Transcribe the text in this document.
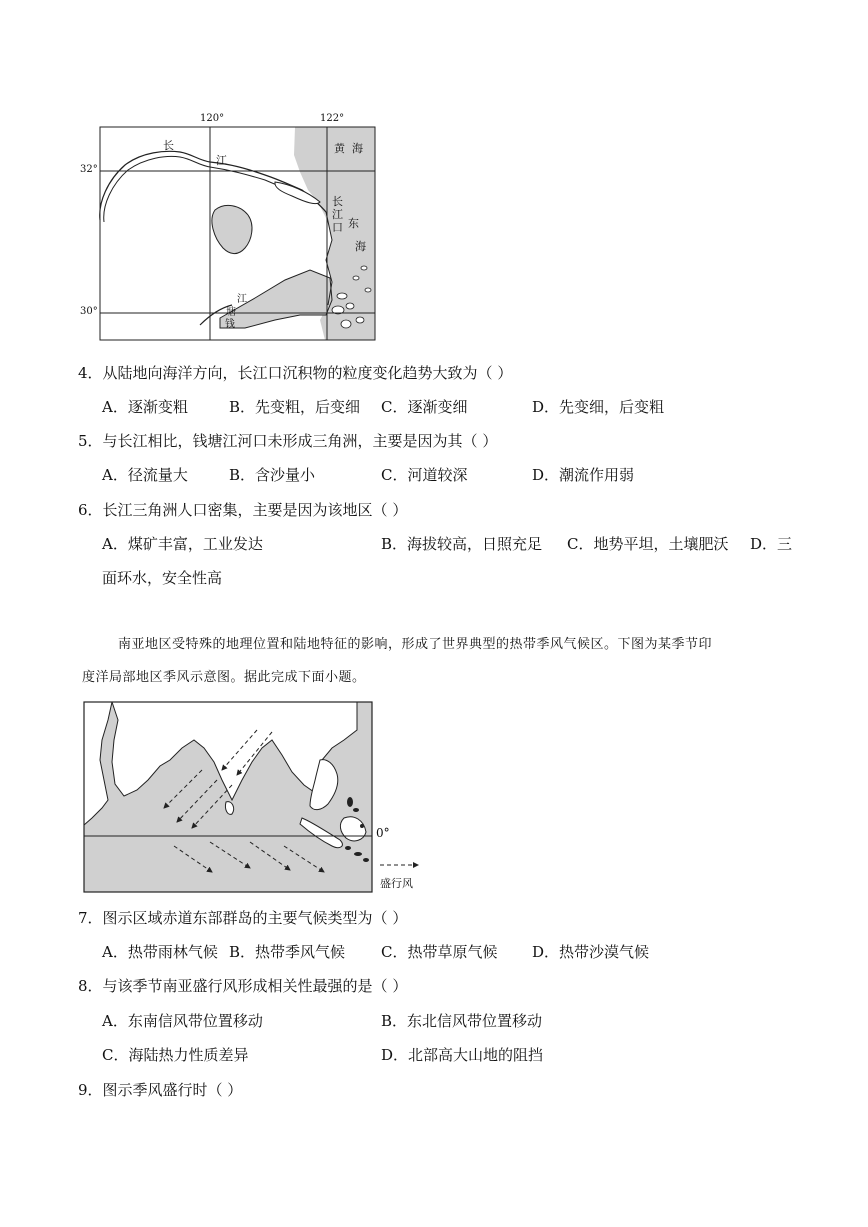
120°	122°
32°
30°
黄 海
长
江
长
江
口 东
海
江
塘
钱
4．从陆地向海洋方向，长江口沉积物的粒度变化趋势大致为（ ）
A．逐渐变粗	B．先变粗，后变细 C．逐渐变细	D．先变细，后变粗
5．与长江相比，钱塘江河口未形成三角洲，主要是因为其（ ）
A．径流量大	B．含沙量小	C．河道较深	D．潮流作用弱
6．长江三角洲人口密集，主要是因为该地区（ ）
A．煤矿丰富，工业发达	B．海拔较高，日照充足 C．地势平坦，土壤肥沃 D．三
面环水，安全性高
南亚地区受特殊的地理位置和陆地特征的影响，形成了世界典型的热带季风气候区。下图为某季节印
度洋局部地区季风示意图。据此完成下面小题。
0°
盛行风
7．图示区域赤道东部群岛的主要气候类型为（ ）
A．热带雨林气候 B．热带季风气候 C．热带草原气候 D．热带沙漠气候
8．与该季节南亚盛行风形成相关性最强的是（ ）
A．东南信风带位置移动	B．东北信风带位置移动
C．海陆热力性质差异	D．北部高大山地的阻挡
9．图示季风盛行时（ ）
